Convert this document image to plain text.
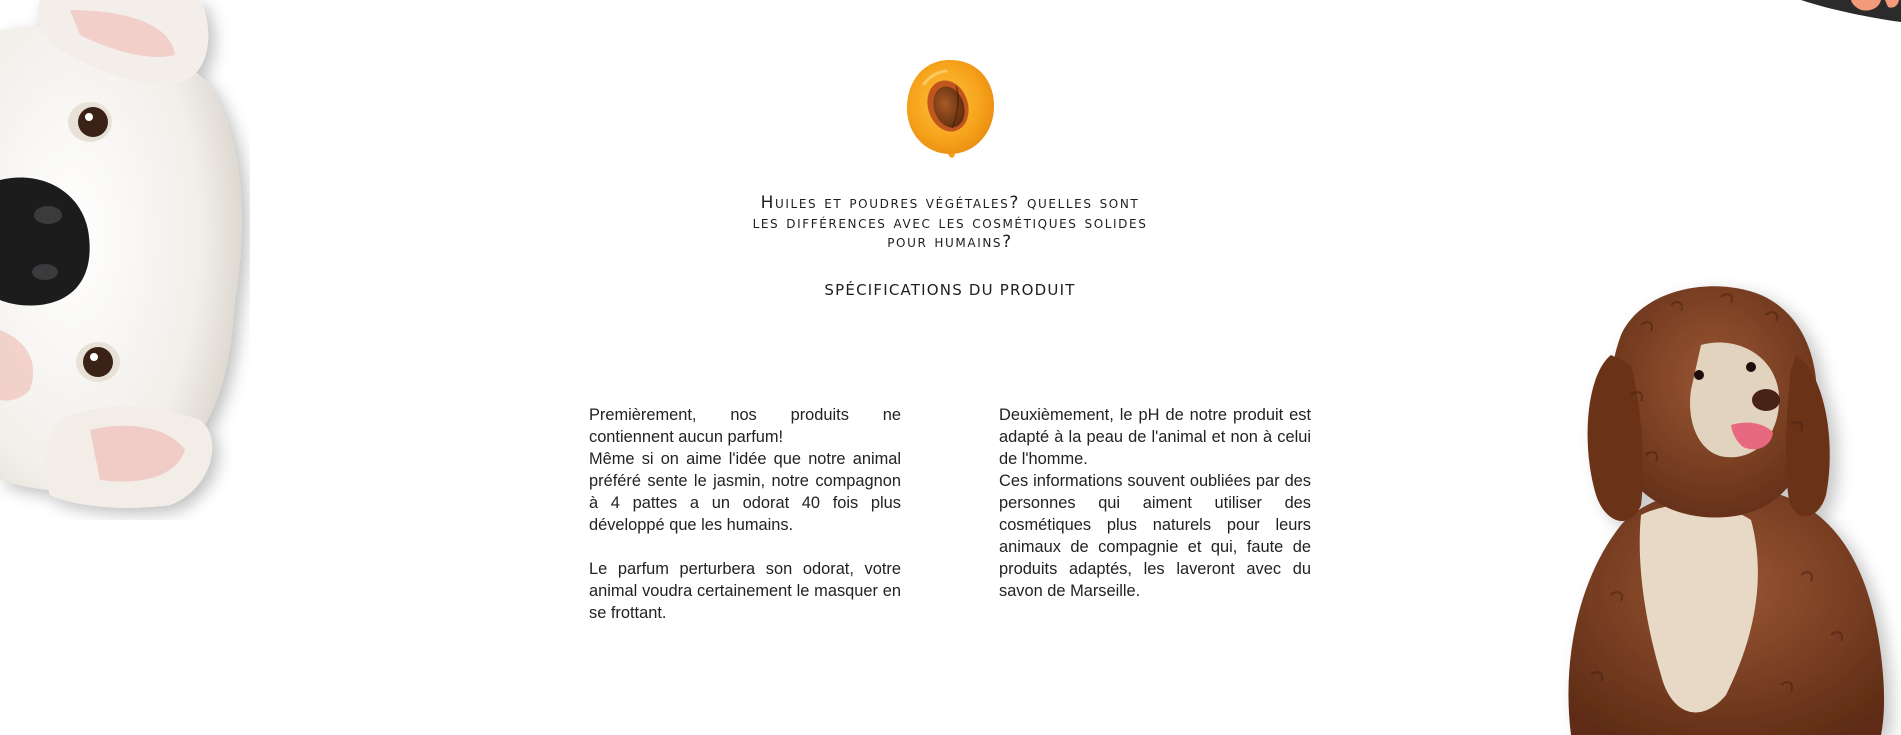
Huiles et poudres végétales? quelles sont
les différences avec les cosmétiques solides
pour humains?
SPÉCIFICATIONS DU PRODUIT

Premièrement, nos produits ne contiennent aucun parfum!

Même si on aime l'idée que notre animal préféré sente le jasmin, notre compagnon à 4 pattes a un odorat 40 fois plus développé que les humains.

Le parfum perturbera son odorat, votre animal voudra certainement le masquer en se frottant.

Deuxièmement, le pH de notre produit est adapté à la peau de l'animal et non à celui de l'homme.

Ces informations souvent oubliées par des personnes qui aiment utiliser des cosmétiques plus naturels pour leurs animaux de compagnie et qui, faute de produits adaptés, les laveront avec du savon de Marseille.
